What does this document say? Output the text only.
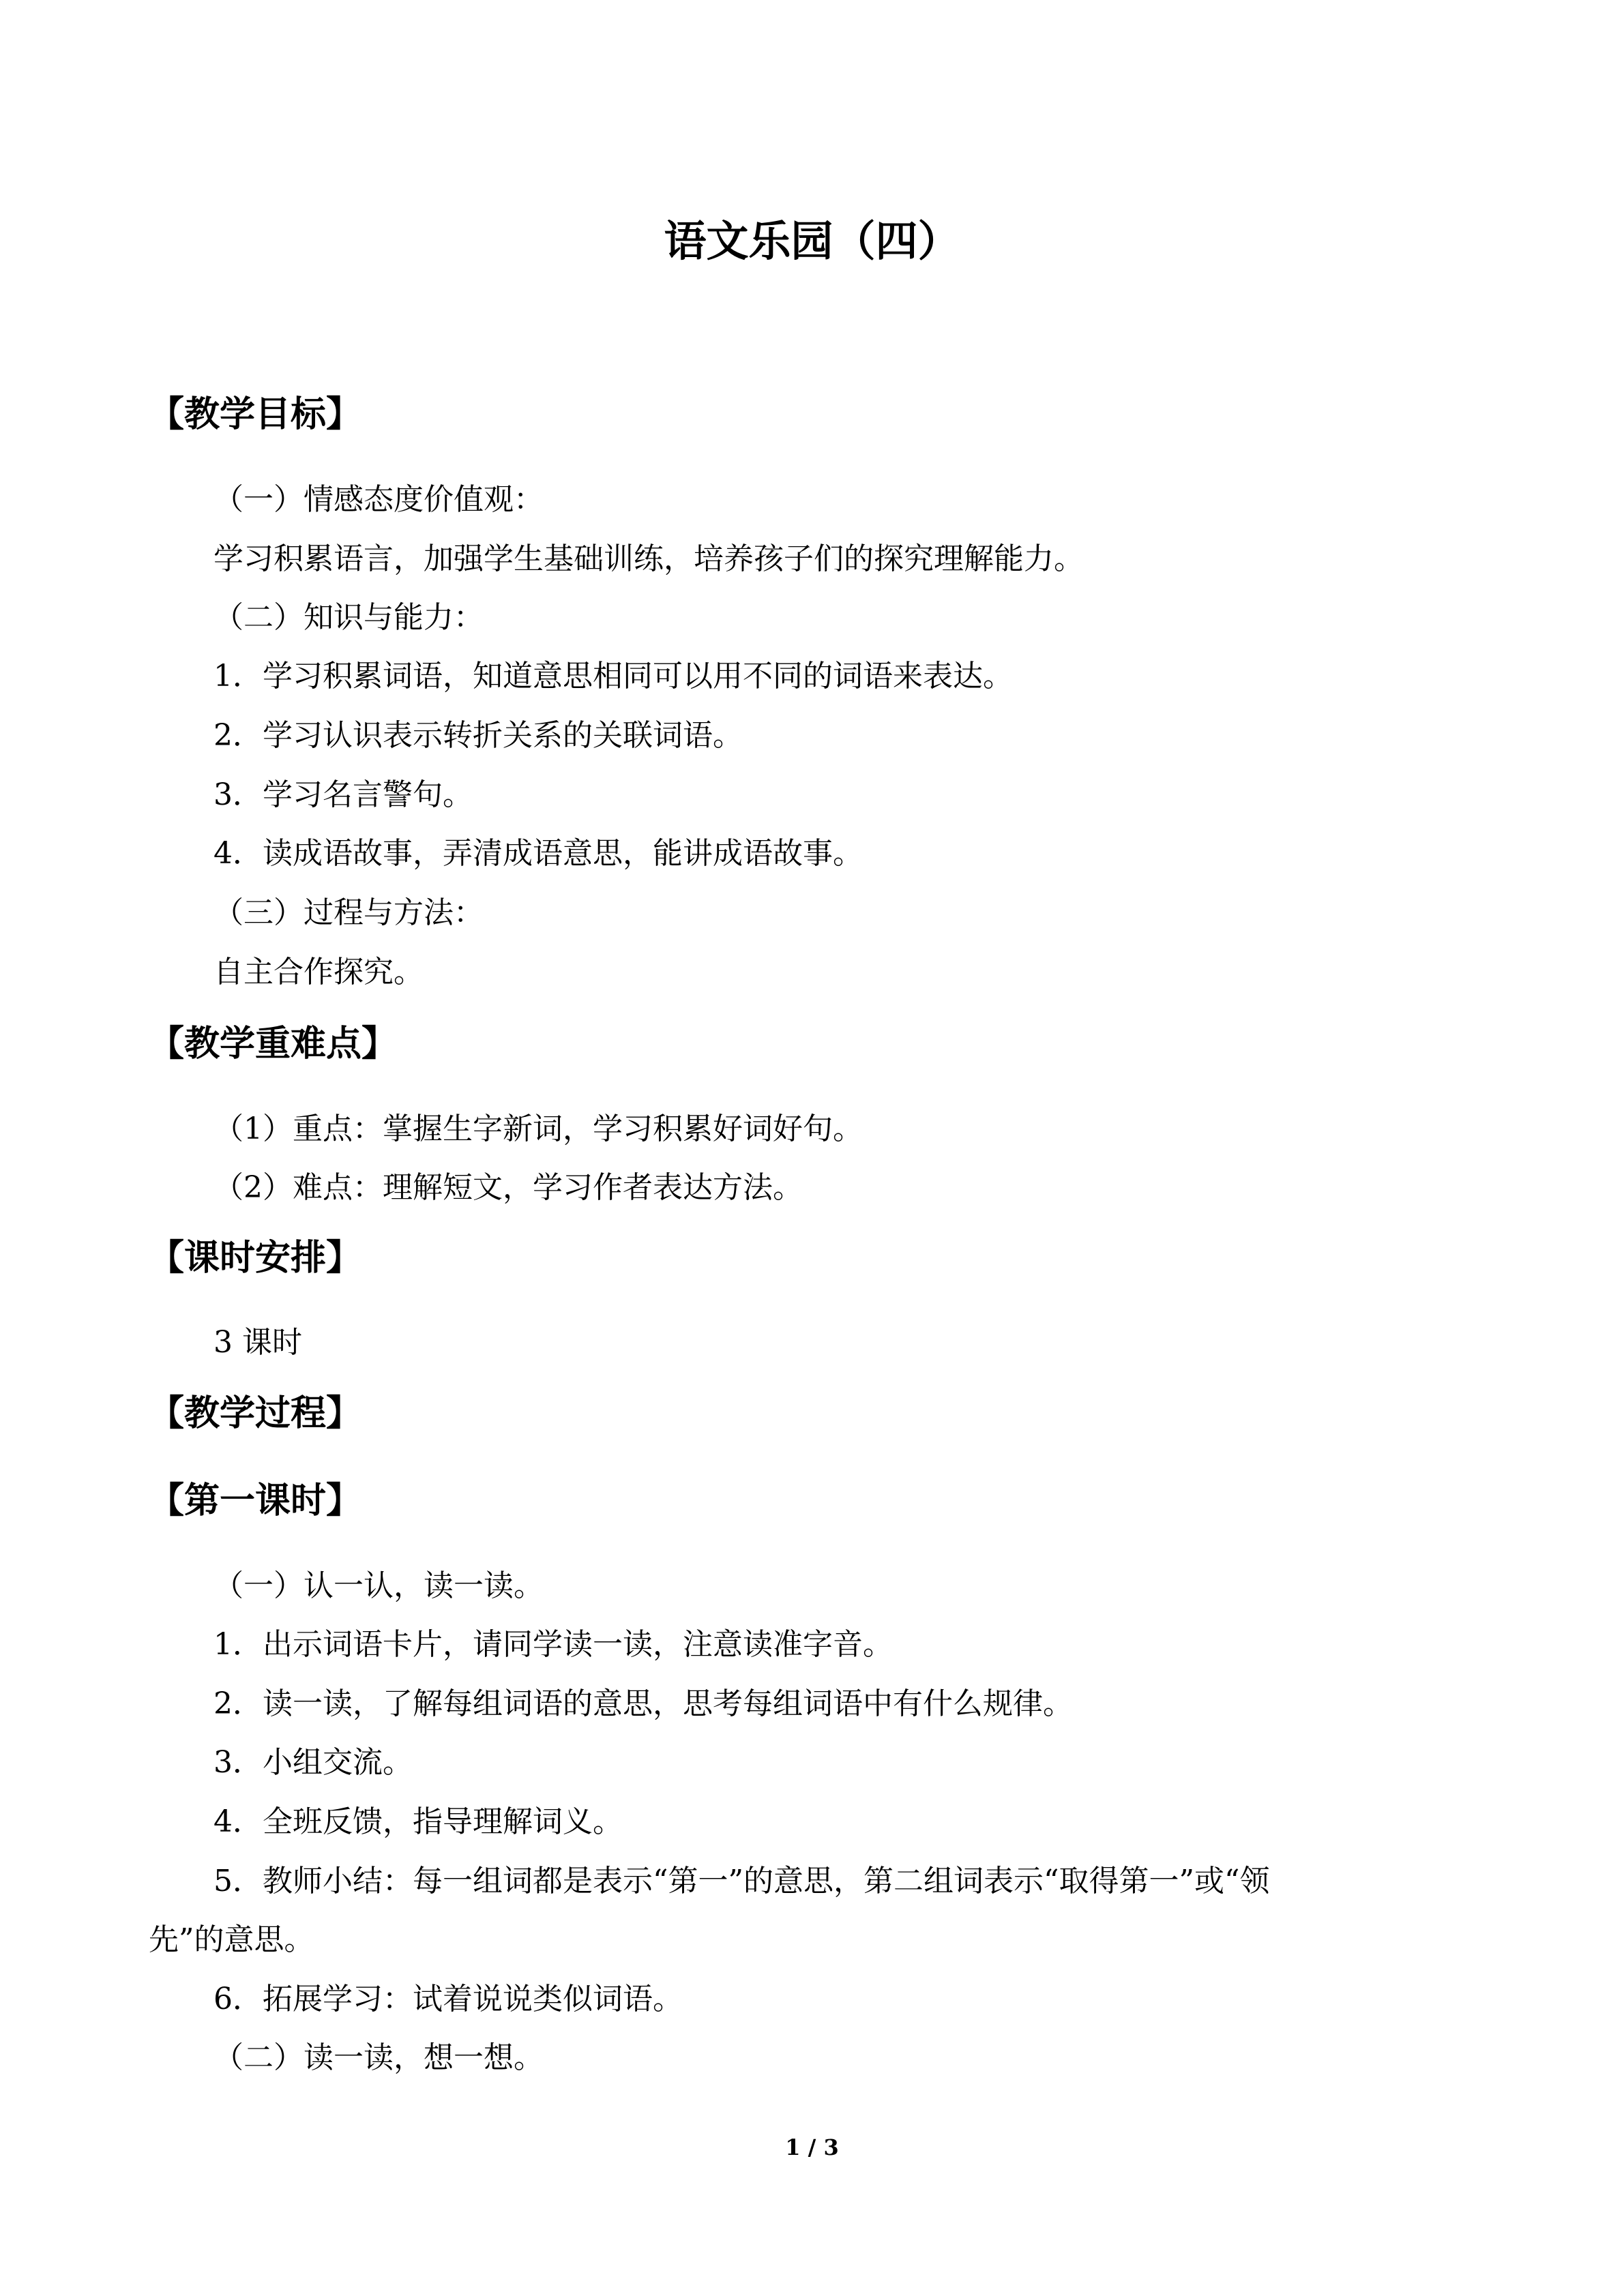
语文乐园（四）
【教学目标】
（一）情感态度价值观：
学习积累语言，加强学生基础训练，培养孩子们的探究理解能力。
（二）知识与能力：
1．学习积累词语，知道意思相同可以用不同的词语来表达。
2．学习认识表示转折关系的关联词语。
3．学习名言警句。
4．读成语故事，弄清成语意思，能讲成语故事。
（三）过程与方法：
自主合作探究。
【教学重难点】
（1）重点：掌握生字新词，学习积累好词好句。
（2）难点：理解短文，学习作者表达方法。
【课时安排】
3 课时
【教学过程】
【第一课时】
（一）认一认，读一读。
1．出示词语卡片，请同学读一读，注意读准字音。
2．读一读，了解每组词语的意思，思考每组词语中有什么规律。
3．小组交流。
4．全班反馈，指导理解词义。
5．教师小结：每一组词都是表示“第一”的意思，第二组词表示“取得第一”或“领
先”的意思。
6．拓展学习：试着说说类似词语。
（二）读一读，想一想。
1 / 3
